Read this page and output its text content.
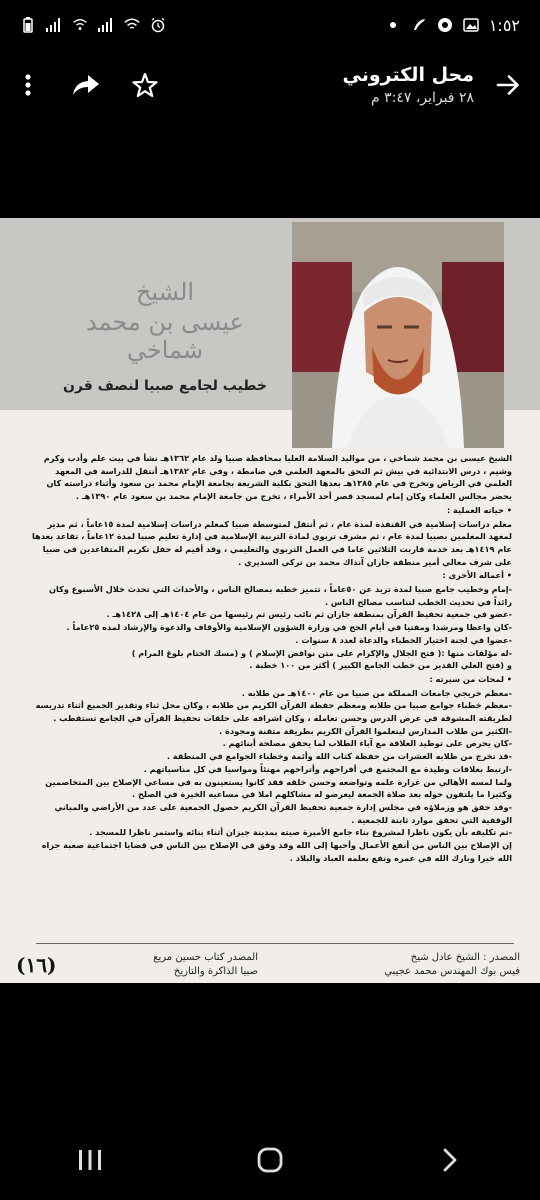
١:٥٢
محل الكتروني
٢٨ فبراير، ٣:٤٧ م
الشيخ
عيسى بن محمد شماخي
خطيب لجامع صبيا لنصف قرن

الشيخ عيسى بن محمد شماخي ، من مواليد السلامة العليا بمحافظة صبيا ولد عام ١٣٦٢هـ نشأ في بيت علم وأدب وكرم وشيم ، درس الابتدائية في بيش ثم التحق بالمعهد العلمي في صامطة ، وفي عام ١٣٨٢هـ أنتقل للدراسة في المعهد العلمي في الرياض وتخرج في عام ١٣٨٥هـ بعدها التحق بكلية الشريعة بجامعة الإمام محمد بن سعود وأثناء دراسته كان يحضر مجالس العلماء وكان إمام لمسجد قصر أحد الأمراء ، تخرج من جامعة الإمام محمد بن سعود عام ١٣٩٠هـ .

• حياته العملية :

معلم دراسات إسلامية في القنفذة لمدة عام ، ثم أنتقل لمتوسطة صبيا كمعلم دراسات إسلامية لمدة ١٥عاماً ، ثم مدير لمعهد المعلمين بصبيا لمدة عام ، ثم مشرف تربوي لمادة التربية الإسلامية في إدارة تعليم صبيا لمدة ١٢عاماً ، تقاعد بعدها عام ١٤١٩هـ بعد خدمة قاربت الثلاثين عاما في العمل التربوي والتعليمي ، وقد أقيم له حفل تكريم المتقاعدين في صبيا على شرف معالي أمير منطقة جازان آنذاك محمد بن تركي السديري .

• أعماله الأخرى :

-إمام وخطيب جامع صبيا لمدة تزيد عن ٥٠عاماً ، تتميز خطبه بمصالح الناس ، والأحداث التي تحدث خلال الأسبوع وكان رائداً في تحديث الخطب لتناسب مصالح الناس .

-عضو في جمعية تحفيظ القرآن بمنطقة جازان ثم نائب رئيس ثم رئيسها من عام ١٤٠٤هـ إلى ١٤٢٨هـ .

-كان واعظا ومرشدا ومفتيا في أيام الحج في وزارة الشؤون الإسلامية والأوقاف والدعوة والإرشاد لمده ٢٥عاماً .

-عضوا في لجنة اختيار الخطباء والدعاة لعدد ٨ سنوات .

-له مؤلفات منها :( فتح الجلال والإكرام على متن نواقض الإسلام ) و (مسك الختام بلوغ المرام )

و (فتح العلي القدير من خطب الجامع الكبير ) أكثر من ١٠٠ خطبة .

• لمحات من سيرته :

-معظم خريجي جامعات المملكة من صبيا من عام ١٤٠٠هـ من طلابه .

-معظم خطباء جوامع صبيا من طلابه ومعظم حفظة القرآن الكريم من طلابه ، وكان محل ثناء وتقدير الجميع أثناء تدريسه لطريقته المشوقة في عرض الدرس وحسن تعامله ، وكان اشرافه على حلقات تحفيظ القرآن في الجامع تستقطب .

-الكثير من طلاب المدارس ليتعلموا القرآن الكريم بطريقة متقنة ومجودة .

-كان يحرص على توطيد العلاقة مع آباء الطلاب لما يحقق مصلحة أبنائهم .

-قد تخرج من طلابه العشرات من حفظة كتاب الله وأئمة وخطباء الجوامع في المنطقة .

-ارتبط بعلاقات وطيدة مع المجتمع في أفراحهم وأتراحهم مهنئاً ومواسيا في كل مناسباتهم .

ولما لمسه الأهالي من غزارة علمه وتواضعه وحسن خلقه فقد كانوا يستعينون به في مساعي الإصلاح بين المتخاصمين وكثيرا ما يلتفون حوله بعد صلاة الجمعة ليعرضو له مشاكلهم املا في مساعيه الخيرة في الصلح .

-وقد حقق هو وزملاؤه في مجلس إدارة جمعية تحفيظ القرآن الكريم حصول الجمعية على عدد من الأراضي والمباني الوقفية التي تحقق موارد ثابتة للجمعية .

-تم تكليفه بأن يكون ناظرا لمشروع بناء جامع الأميرة صيته بمدينة جيزان أثناء بنائه واستمر ناظرا للمسجد .

إن الإصلاح بين الناس من أنفع الأعمال وأحبها إلى الله وقد وفق في الإصلاح بين الناس في قضايا اجتماعية صعبة جزاه الله خيرا وبارك الله في عمره ونفع بعلمه العباد والبلاد .

المصدر : الشيخ عادل شيخ
فيس بوك المهندس محمد عجيبي
المصدر كتاب حسين مريع
صبيا الذاكرة والتاريخ
(١٦)
